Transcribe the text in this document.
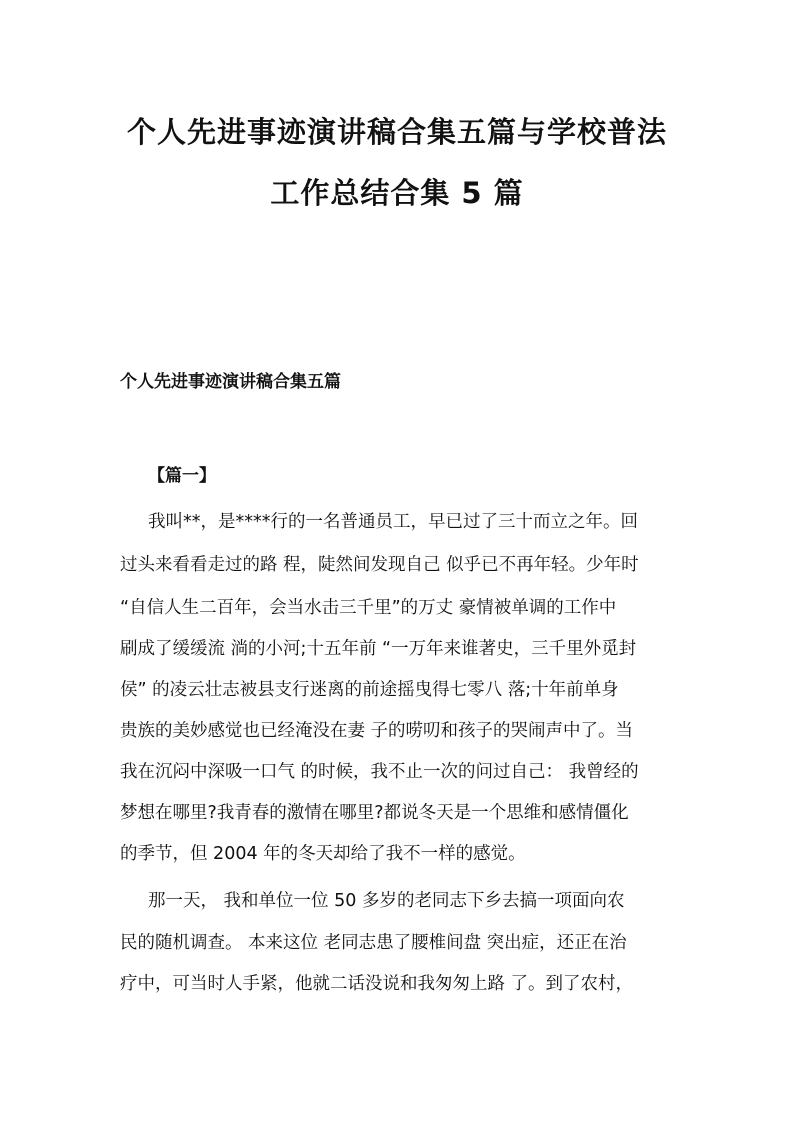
个人先进事迹演讲稿合集五篇与学校普法
工作总结合集 5 篇
个人先进事迹演讲稿合集五篇
【篇一】
我叫**，是****行的一名普通员工，早已过了三十而立之年。回
过头来看看走过的路 程，陡然间发现自己 似乎已不再年轻。少年时
“自信人生二百年，会当水击三千里”的万丈 豪情被单调的工作中
刷成了缓缓流 淌的小河;十五年前 “一万年来谁著史，三千里外觅封
侯” 的凌云壮志被县支行迷离的前途摇曳得七零八 落;十年前单身
贵族的美妙感觉也已经淹没在妻 子的唠叨和孩子的哭闹声中了。当
我在沉闷中深吸一口气 的时候，我不止一次的问过自己： 我曾经的
梦想在哪里?我青春的激情在哪里?都说冬天是一个思维和感情僵化
的季节，但 2004 年的冬天却给了我不一样的感觉。
那一天， 我和单位一位 50 多岁的老同志下乡去搞一项面向农
民的随机调查。 本来这位 老同志患了腰椎间盘 突出症，还正在治
疗中，可当时人手紧，他就二话没说和我匆匆上路 了。到了农村，
